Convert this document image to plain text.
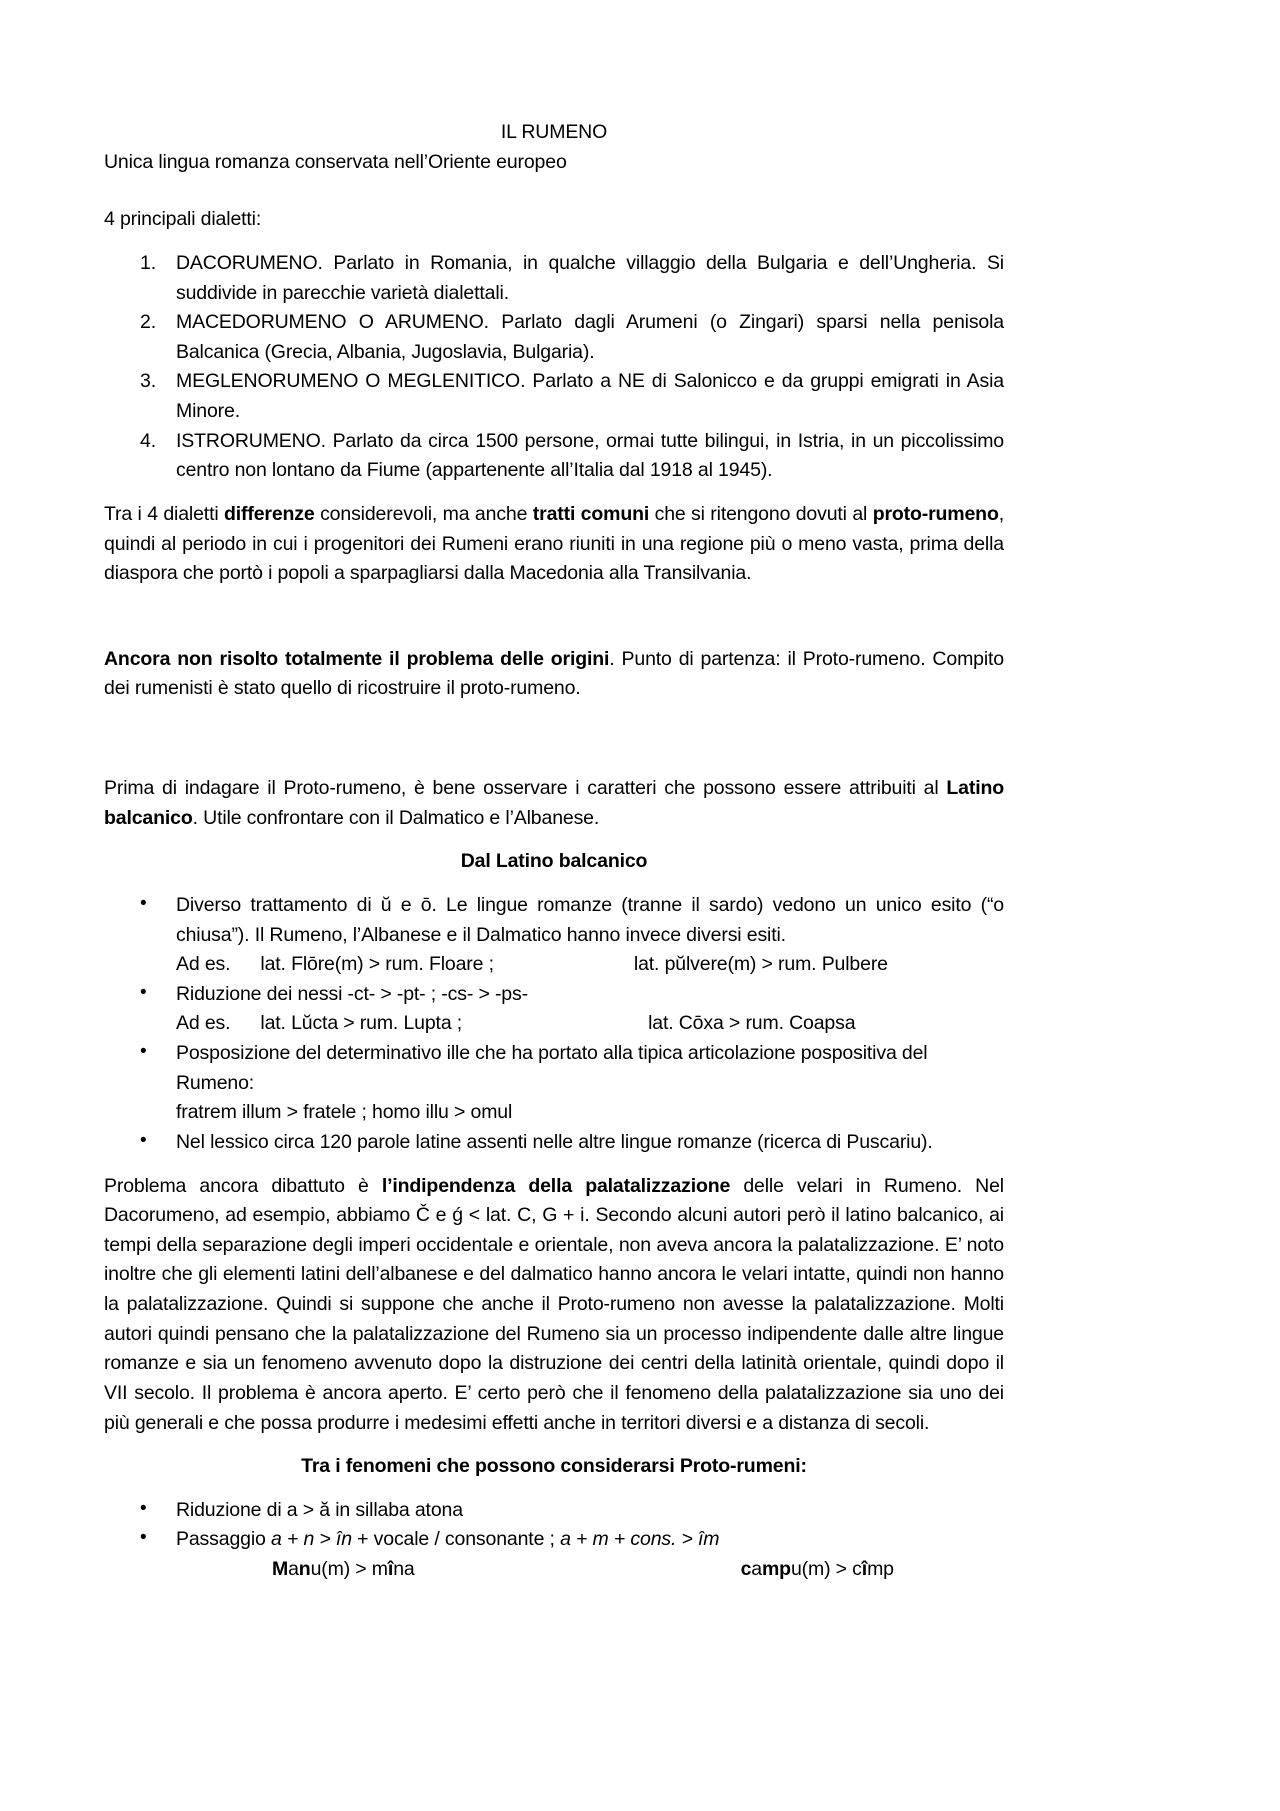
IL RUMENO

Unica lingua romanza conservata nell’Oriente europeo

4 principali dialetti:

DACORUMENO. Parlato in Romania, in qualche villaggio della Bulgaria e dell’Ungheria. Si suddivide in parecchie varietà dialettali.
MACEDORUMENO O ARUMENO. Parlato dagli Arumeni (o Zingari) sparsi nella penisola Balcanica (Grecia, Albania, Jugoslavia, Bulgaria).
MEGLENORUMENO O MEGLENITICO. Parlato a NE di Salonicco e da gruppi emigrati in Asia Minore.
ISTRORUMENO. Parlato da circa 1500 persone, ormai tutte bilingui, in Istria, in un piccolissimo centro non lontano da Fiume (appartenente all’Italia dal 1918 al 1945).

Tra i 4 dialetti differenze considerevoli, ma anche tratti comuni che si ritengono dovuti al proto-rumeno, quindi al periodo in cui i progenitori dei Rumeni erano riuniti in una regione più o meno vasta, prima della diaspora che portò i popoli a sparpagliarsi dalla Macedonia alla Transilvania.

Ancora non risolto totalmente il problema delle origini. Punto di partenza: il Proto-rumeno. Compito dei rumenisti è stato quello di ricostruire il proto-rumeno.

Prima di indagare il Proto-rumeno, è bene osservare i caratteri che possono essere attribuiti al Latino balcanico. Utile confrontare con il Dalmatico e l’Albanese.

Dal Latino balcanico

• Diverso trattamento di ŭ e ō. Le lingue romanze (tranne il sardo) vedono un unico esito (“o chiusa”). Il Rumeno, l’Albanese e il Dalmatico hanno invece diversi esiti.
Ad es. lat. Flōre(m) > rum. Floare ;	lat. pŭlvere(m) > rum. Pulbere
• Riduzione dei nessi -ct- > -pt- ; -cs- > -ps-
Ad es. lat. Lŭcta > rum. Lupta ;	lat. Cōxa > rum. Coapsa
• Posposizione del determinativo ille che ha portato alla tipica articolazione pospositiva del Rumeno:
fratrem illum > fratele ; homo illu > omul
• Nel lessico circa 120 parole latine assenti nelle altre lingue romanze (ricerca di Puscariu).

Problema ancora dibattuto è l’indipendenza della palatalizzazione delle velari in Rumeno. Nel Dacorumeno, ad esempio, abbiamo Č e ǵ < lat. C, G + i. Secondo alcuni autori però il latino balcanico, ai tempi della separazione degli imperi occidentale e orientale, non aveva ancora la palatalizzazione. E’ noto inoltre che gli elementi latini dell’albanese e del dalmatico hanno ancora le velari intatte, quindi non hanno la palatalizzazione. Quindi si suppone che anche il Proto-rumeno non avesse la palatalizzazione. Molti autori quindi pensano che la palatalizzazione del Rumeno sia un processo indipendente dalle altre lingue romanze e sia un fenomeno avvenuto dopo la distruzione dei centri della latinità orientale, quindi dopo il VII secolo. Il problema è ancora aperto. E’ certo però che il fenomeno della palatalizzazione sia uno dei più generali e che possa produrre i medesimi effetti anche in territori diversi e a distanza di secoli.

Tra i fenomeni che possono considerarsi Proto-rumeni:

• Riduzione di a > ă in sillaba atona
• Passaggio a + n > în + vocale / consonante ; a + m + cons. > îm
Manu(m) > mîna	campu(m) > cîmp
